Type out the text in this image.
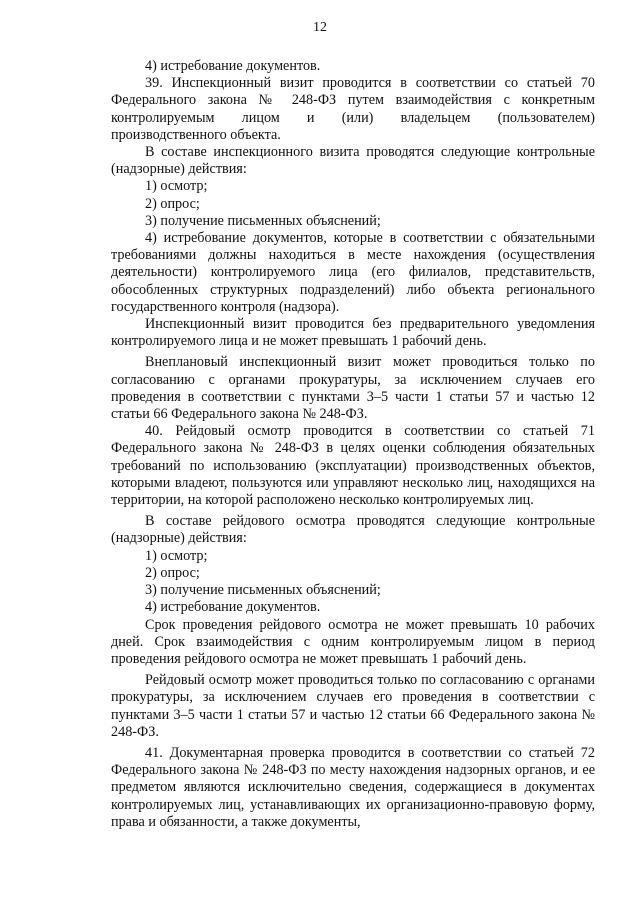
12

4) истребование документов.

39. Инспекционный визит проводится в соответствии со статьей 70 Федерального закона № 248-ФЗ путем взаимодействия с конкретным контролируемым лицом и (или) владельцем (пользователем) производственного объекта.

В составе инспекционного визита проводятся следующие контрольные (надзорные) действия:

1) осмотр;

2) опрос;

3) получение письменных объяснений;

4) истребование документов, которые в соответствии с обязательными требованиями должны находиться в месте нахождения (осуществления деятельности) контролируемого лица (его филиалов, представительств, обособленных структурных подразделений) либо объекта регионального государственного контроля (надзора).

Инспекционный визит проводится без предварительного уведомления контролируемого лица и не может превышать 1 рабочий день.

Внеплановый инспекционный визит может проводиться только по согласованию с органами прокуратуры, за исключением случаев его проведения в соответствии с пунктами 3–5 части 1 статьи 57 и частью 12 статьи 66 Федерального закона № 248-ФЗ.

40. Рейдовый осмотр проводится в соответствии со статьей 71 Федерального закона № 248-ФЗ в целях оценки соблюдения обязательных требований по использованию (эксплуатации) производственных объектов, которыми владеют, пользуются или управляют несколько лиц, находящихся на территории, на которой расположено несколько контролируемых лиц.

В составе рейдового осмотра проводятся следующие контрольные (надзорные) действия:

1) осмотр;

2) опрос;

3) получение письменных объяснений;

4) истребование документов.

Срок проведения рейдового осмотра не может превышать 10 рабочих дней. Срок взаимодействия с одним контролируемым лицом в период проведения рейдового осмотра не может превышать 1 рабочий день.

Рейдовый осмотр может проводиться только по согласованию с органами прокуратуры, за исключением случаев его проведения в соответствии с пунктами 3–5 части 1 статьи 57 и частью 12 статьи 66 Федерального закона № 248-ФЗ.

41. Документарная проверка проводится в соответствии со статьей 72 Федерального закона № 248-ФЗ по месту нахождения надзорных органов, и ее предметом являются исключительно сведения, содержащиеся в документах контролируемых лиц, устанавливающих их организационно-правовую форму, права и обязанности, а также документы,
